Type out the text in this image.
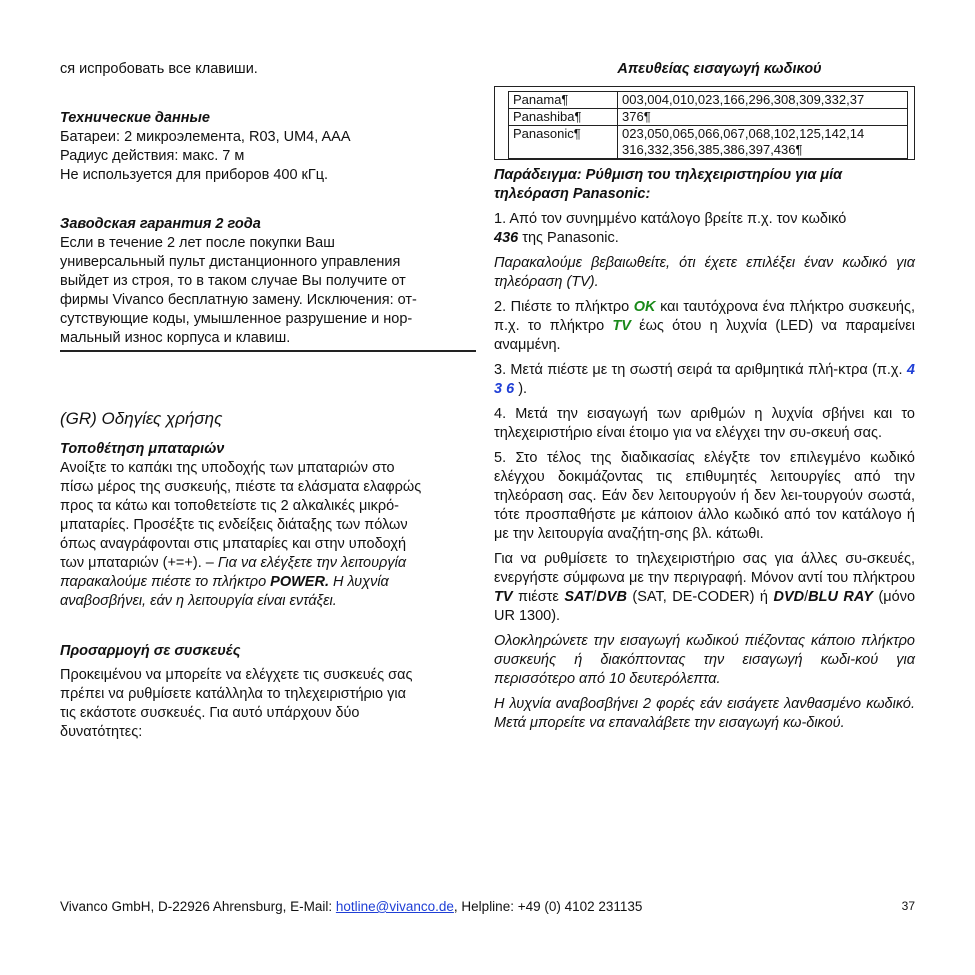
ся испробовать все клавиши.

Технические данные

Батареи: 2 микроэлемента, R03, UM4, AAA

Радиус действия: макс. 7 м

Не используется для приборов 400 кГц.

Заводская гарантия 2 года

Если в течение 2 лет после покупки Ваш

универсальный пульт дистанционного управления

выйдет из строя, то в таком случае Вы получите от

фирмы Vivanco бесплатную замену. Исключения: от-

сутствующие коды, умышленное разрушение и нор-

мальный износ корпуса и клавиш.

(GR) Οδηγίες χρήσης

Τοποθέτηση μπαταριών

Ανοίξτε το καπάκι της υποδοχής των μπαταριών στο

πίσω μέρος της συσκευής, πιέστε τα ελάσματα ελαφρώς

προς τα κάτω και τοποθετείστε τις 2 αλκαλικές μικρό-

μπαταρίες. Προσέξτε τις ενδείξεις διάταξης των πόλων

όπως αναγράφονται στις μπαταρίες και στην υποδοχή

των μπαταριών (+=+). – Για να ελέγξετε την λειτουργία

παρακαλούμε πιέστε το πλήκτρο POWER. Η λυχνία

αναβοσβήνει, εάν η λειτουργία είναι εντάξει.

Προσαρμογή σε συσκευές

Προκειμένου να μπορείτε να ελέγχετε τις συσκευές σας

πρέπει να ρυθμίσετε κατάλληλα το τηλεχειριστήριο για

τις εκάστοτε συσκευές. Για αυτό υπάρχουν δύο

δυνατότητες:

Απευθείας εισαγωγή κωδικού

Panama¶	003,004,010,023,166,296,308,309,332,37
Panashiba¶	376¶
Panasonic¶	023,050,065,066,067,068,102,125,142,14 316,332,356,385,386,397,436¶

Παράδειγμα: Ρύθμιση του τηλεχειριστηρίου για μία

τηλεόραση Panasonic:

1. Από τον συνημμένο κατάλογο βρείτε π.χ. τον κωδικό
436 της Panasonic.

Παρακαλούμε βεβαιωθείτε, ότι έχετε επιλέξει έναν κωδικό για τηλεόραση (TV).

2. Πιέστε το πλήκτρο OK και ταυτόχρονα ένα πλήκτρο συσκευής, π.χ. το πλήκτρο TV έως ότου η λυχνία (LED) να παραμείνει αναμμένη.

3. Μετά πιέστε με τη σωστή σειρά τα αριθμητικά πλή-κτρα (π.χ. 4 3 6 ).

4. Μετά την εισαγωγή των αριθμών η λυχνία σβήνει και το τηλεχειριστήριο είναι έτοιμο για να ελέγχει την συ-σκευή σας.

5. Στο τέλος της διαδικασίας ελέγξτε τον επιλεγμένο κωδικό ελέγχου δοκιμάζοντας τις επιθυμητές λειτουργίες από την τηλεόραση σας. Εάν δεν λειτουργούν ή δεν λει-τουργούν σωστά, τότε προσπαθήστε με κάποιον άλλο κωδικό από τον κατάλογο ή με την λειτουργία αναζήτη-σης βλ. κάτωθι.

Για να ρυθμίσετε το τηλεχειριστήριο σας για άλλες συ-σκευές, ενεργήστε σύμφωνα με την περιγραφή. Μόνον αντί του πλήκτρου TV πιέστε SAT/DVB (SAT, DE-CODER) ή DVD/BLU RAY (μόνο UR 1300).

Ολοκληρώνετε την εισαγωγή κωδικού πιέζοντας κάποιο πλήκτρο συσκευής ή διακόπτοντας την εισαγωγή κωδι-κού για περισσότερο από 10 δευτερόλεπτα.

Η λυχνία αναβοσβήνει 2 φορές εάν εισάγετε λανθασμένο κωδικό. Μετά μπορείτε να επαναλάβετε την εισαγωγή κω-δικού.

Vivanco GmbH, D-22926 Ahrensburg, E-Mail: hotline@vivanco.de, Helpline: +49 (0) 4102 231135	37
